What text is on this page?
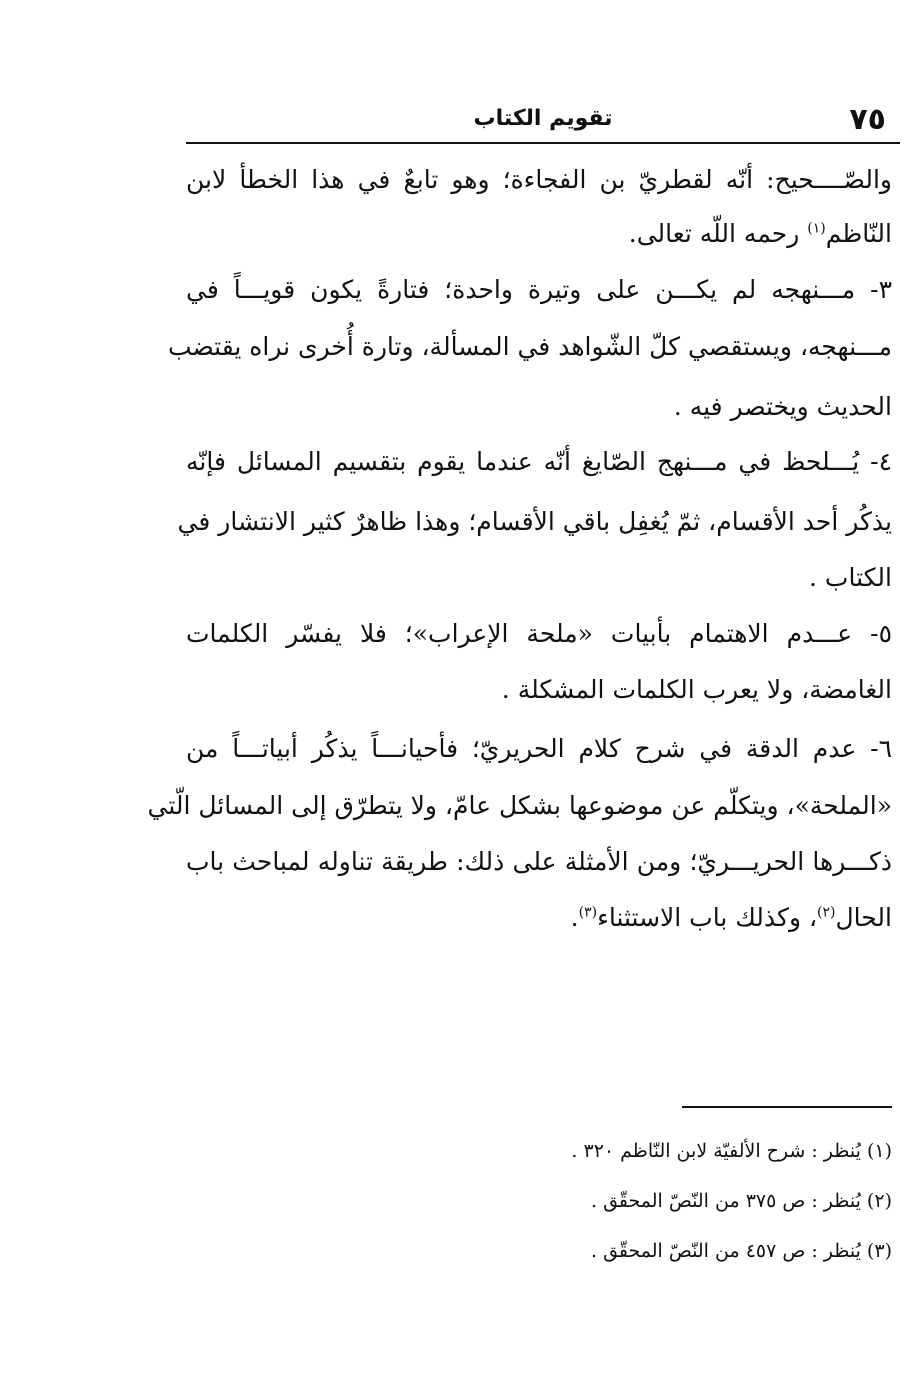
٧٥
تقويم الكتاب
والصّــــحيح: أنّه لقطريّ بن الفجاءة؛ وهو تابعٌ في هذا الخطأ لابن
النّاظم$^{(١)}$ رحمه اللّه تعالى.
٣- مـــنهجه لم يكـــن على وتيرة واحدة؛ فتارةً يكون قويـــاً في
مـــنهجه، ويستقصي كلّ الشّواهد في المسألة، وتارة أُخرى نراه يقتضب
الحديث ويختصر فيه .
٤- يُـــلحظ في مـــنهج الصّايغ أنّه عندما يقوم بتقسيم المسائل فإنّه
يذكُر أحد الأقسام، ثمّ يُغفِل باقي الأقسام؛ وهذا ظاهرٌ كثير الانتشار في
الكتاب .
٥- عـــدم الاهتمام بأبيات «ملحة الإعراب»؛ فلا يفسّر الكلمات
الغامضة، ولا يعرب الكلمات المشكلة .
٦- عدم الدقة في شرح كلام الحريريّ؛ فأحيانـــاً يذكُر أبياتـــاً من
«الملحة»، ويتكلّم عن موضوعها بشكل عامّ، ولا يتطرّق إلى المسائل الّتي
ذكـــرها الحريـــريّ؛ ومن الأمثلة على ذلك: طريقة تناوله لمباحث باب
الحال$^{(٢)}$، وكذلك باب الاستثناء$^{(٣)}$.
(١) يُنظر : شرح الألفيّة لابن النّاظم ٣٢٠ .
(٢) يُنظر : ص ٣٧٥ من النّصّ المحقّق .
(٣) يُنظر : ص ٤٥٧ من النّصّ المحقّق .
